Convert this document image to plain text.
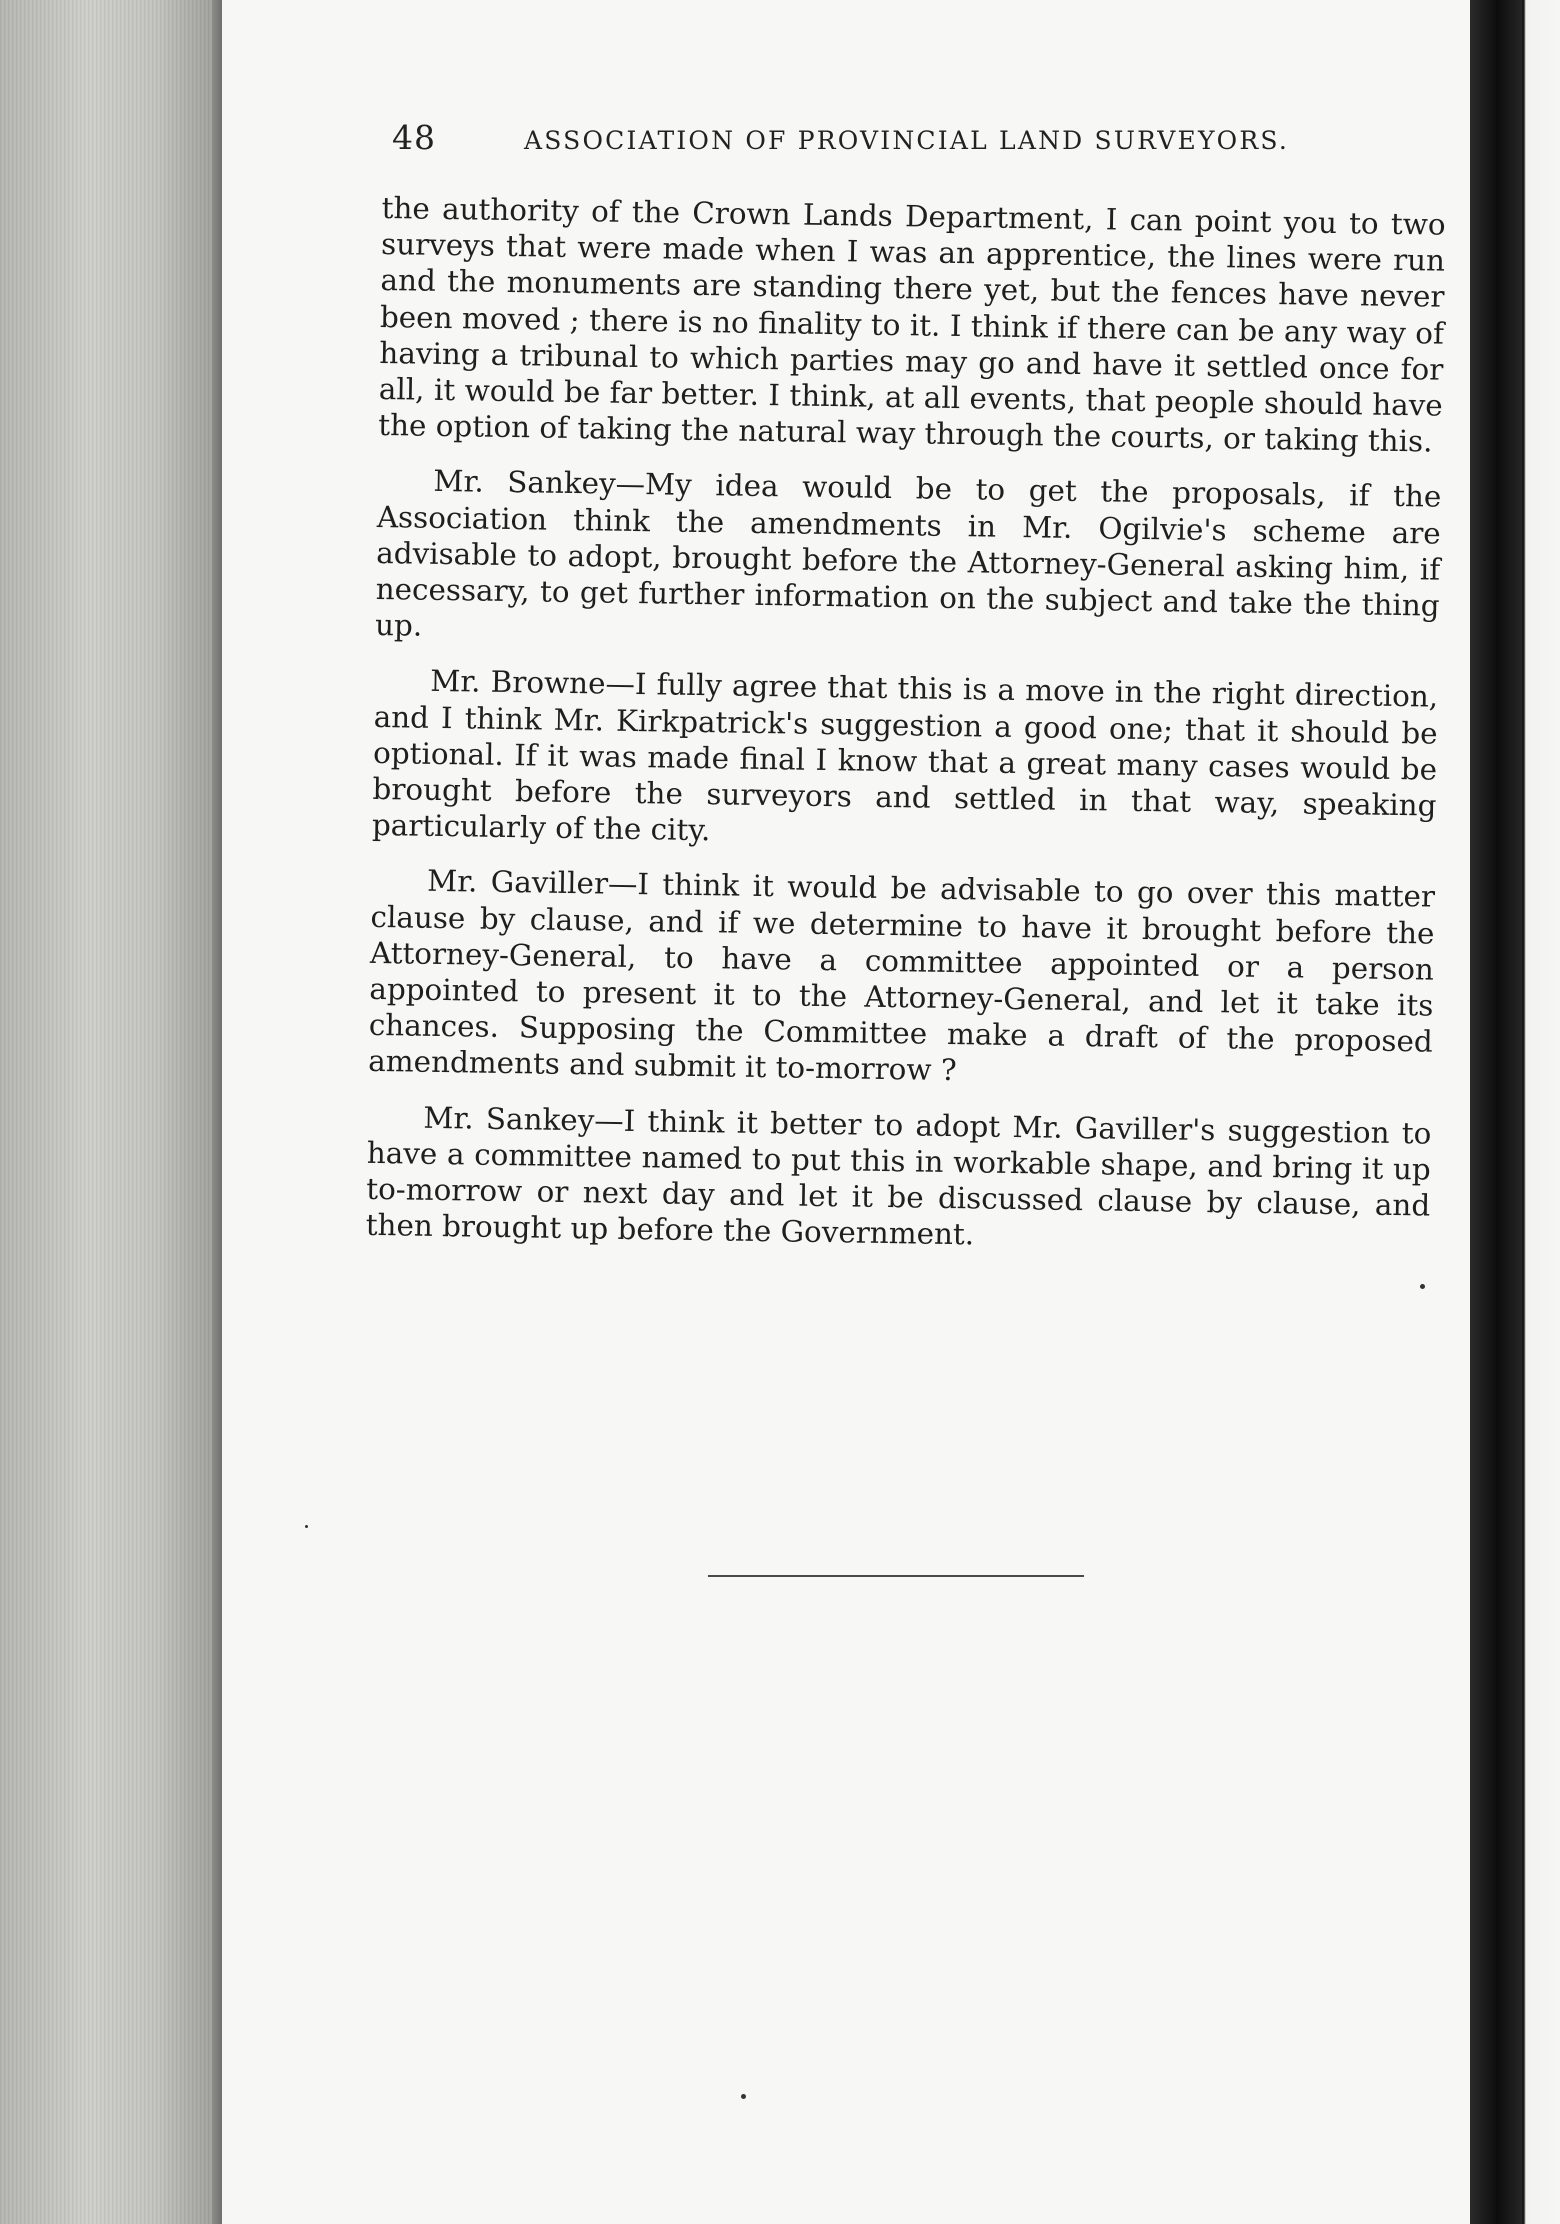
48	ASSOCIATION OF PROVINCIAL LAND SURVEYORS.

the authority of the Crown Lands Department, I can point you to two surveys that were made when I was an apprentice, the lines were run and the monuments are standing there yet, but the fences have never been moved ; there is no finality to it. I think if there can be any way of having a tribunal to which parties may go and have it settled once for all, it would be far better. I think, at all events, that people should have the option of taking the natural way through the courts, or taking this.

Mr. Sankey—My idea would be to get the proposals, if the Association think the amendments in Mr. Ogilvie's scheme are advisable to adopt, brought before the Attorney-General asking him, if necessary, to get further information on the subject and take the thing up.

Mr. Browne—I fully agree that this is a move in the right direction, and I think Mr. Kirkpatrick's suggestion a good one; that it should be optional. If it was made final I know that a great many cases would be brought before the surveyors and settled in that way, speaking particularly of the city.

Mr. Gaviller—I think it would be advisable to go over this matter clause by clause, and if we determine to have it brought before the Attorney-General, to have a committee appointed or a person appointed to present it to the Attorney-General, and let it take its chances. Supposing the Committee make a draft of the proposed amendments and submit it to-morrow ?

Mr. Sankey—I think it better to adopt Mr. Gaviller's suggestion to have a committee named to put this in workable shape, and bring it up to-morrow or next day and let it be discussed clause by clause, and then brought up before the Government.
